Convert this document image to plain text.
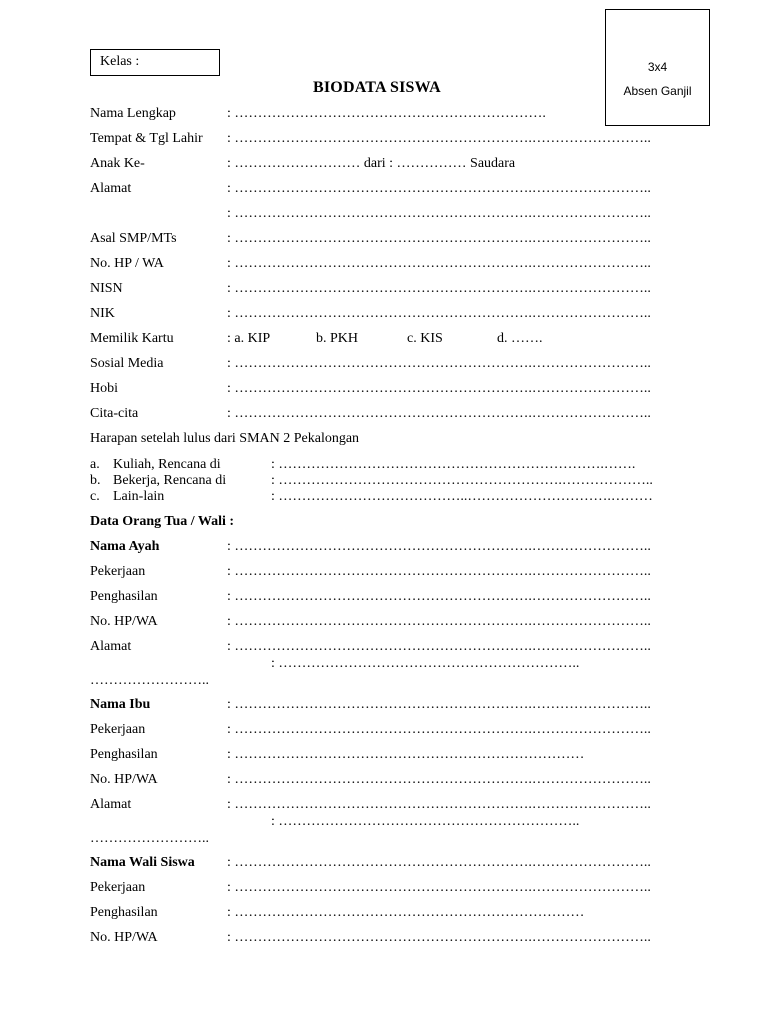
Kelas :	3x4
Absen Ganjil
BIODATA SISWA
Nama Lengkap	: ………………………………………………………….
Tempat & Tgl Lahir : ……………………………………………………….……………………..
Anak Ke-	: ……………………… dari : …………… Saudara
Alamat	: ……………………………………………………….……………………..
: ……………………………………………………….……………………..
Asal SMP/MTs	: ……………………………………………………….……………………..
No. HP / WA	: ……………………………………………………….……………………..
NISN	: ……………………………………………………….……………………..
NIK	: ……………………………………………………….……………………..
Memilik Kartu	: a. KIP	b. PKH	c. KIS	d. …….
Sosial Media	: ……………………………………………………….……………………..
Hobi	: ……………………………………………………….……………………..
Cita-cita	: ……………………………………………………….……………………..
Harapan setelah lulus dari SMAN 2 Pekalongan
a. Kuliah, Rencana di	: …………………………………………………………….…….
b. Bekerja, Rencana di	: …………………………………………………….………………..
c. Lain-lain	: …………………………………..………………………….………
Data Orang Tua / Wali :
Nama Ayah	: ……………………………………………………….……………………..
Pekerjaan	: ……………………………………………………….……………………..
Penghasilan	: ……………………………………………………….……………………..
No. HP/WA	: ……………………………………………………….……………………..
Alamat	: ……………………………………………………….……………………..
: ………………………………………………………..
……………………..
Nama Ibu	: ……………………………………………………….……………………..
Pekerjaan	: ……………………………………………………….……………………..
Penghasilan	: …………………………………………………………………
No. HP/WA	: ……………………………………………………….……………………..
Alamat	: ……………………………………………………….……………………..
: ………………………………………………………..
……………………..
Nama Wali Siswa : ……………………………………………………….……………………..
Pekerjaan	: ……………………………………………………….……………………..
Penghasilan	: …………………………………………………………………
No. HP/WA	: ……………………………………………………….……………………..
